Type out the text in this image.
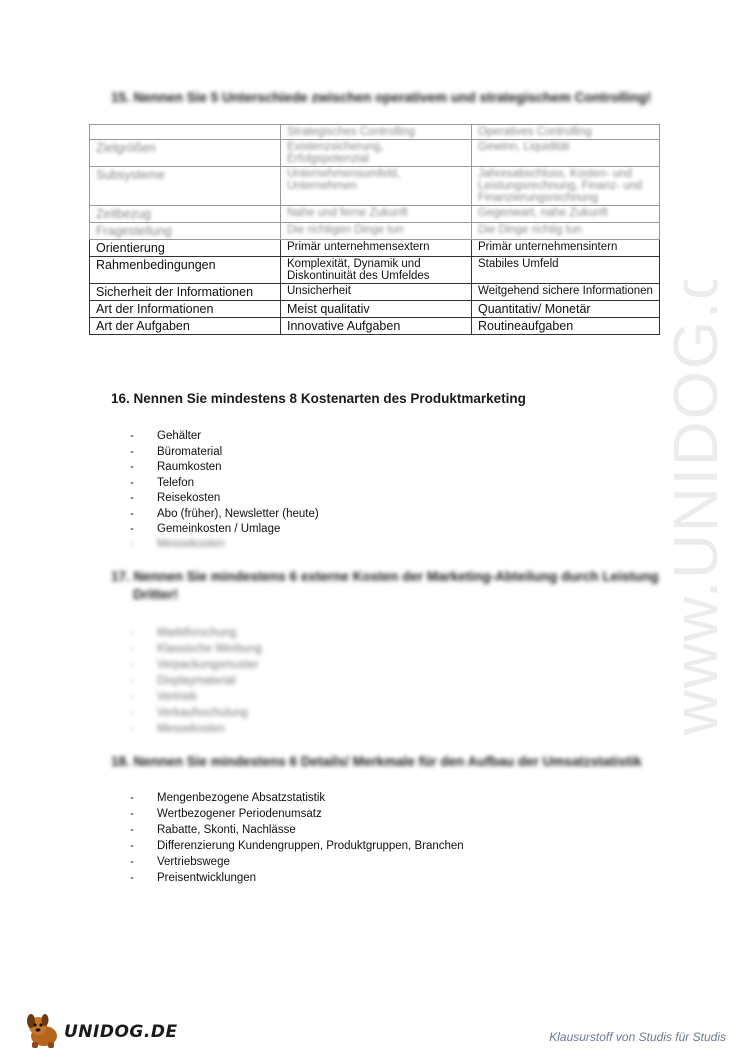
www.UNIDOG.de
15. Nennen Sie 5 Unterschiede zwischen operativem und strategischem Controlling!
	Strategisches Controlling	Operatives Controlling
Zielgrößen	Existenzsicherung, Erfolgspotenzial	Gewinn, Liquidität
Subsysteme	Unternehmensumfeld, Unternehmen	Jahresabschluss, Kosten- und Leistungsrechnung, Finanz- und Finanzierungsrechnung
Zeitbezug	Nahe und ferne Zukunft	Gegenwart, nahe Zukunft
Fragestellung	Die richtigen Dinge tun	Die Dinge richtig tun
Orientierung	Primär unternehmensextern	Primär unternehmensintern
Rahmenbedingungen	Komplexität, Dynamik und Diskontinuität des Umfeldes	Stabiles Umfeld
Sicherheit der Informationen	Unsicherheit	Weitgehend sichere Informationen
Art der Informationen	Meist qualitativ	Quantitativ/ Monetär
Art der Aufgaben	Innovative Aufgaben	Routineaufgaben
16. Nennen Sie mindestens 8 Kostenarten des Produktmarketing
- Gehälter
- Büromaterial
- Raumkosten
- Telefon
- Reisekosten
- Abo (früher), Newsletter (heute)
- Gemeinkosten / Umlage
- Messekosten
17. Nennen Sie mindestens 6 externe Kosten der Marketing-Abteilung durch Leistung
Dritter!
- Marktforschung
- Klassische Werbung
- Verpackungsmuster
- Displaymaterial
- Vertrieb
- Verkaufsschulung
- Messekosten
18. Nennen Sie mindestens 6 Details/ Merkmale für den Aufbau der Umsatzstatistik
- Mengenbezogene Absatzstatistik
- Wertbezogener Periodenumsatz
- Rabatte, Skonti, Nachlässe
- Differenzierung Kundengruppen, Produktgruppen, Branchen
- Vertriebswege
- Preisentwicklungen
UNIDOG.DE	Klausurstoff von Studis für Studis
